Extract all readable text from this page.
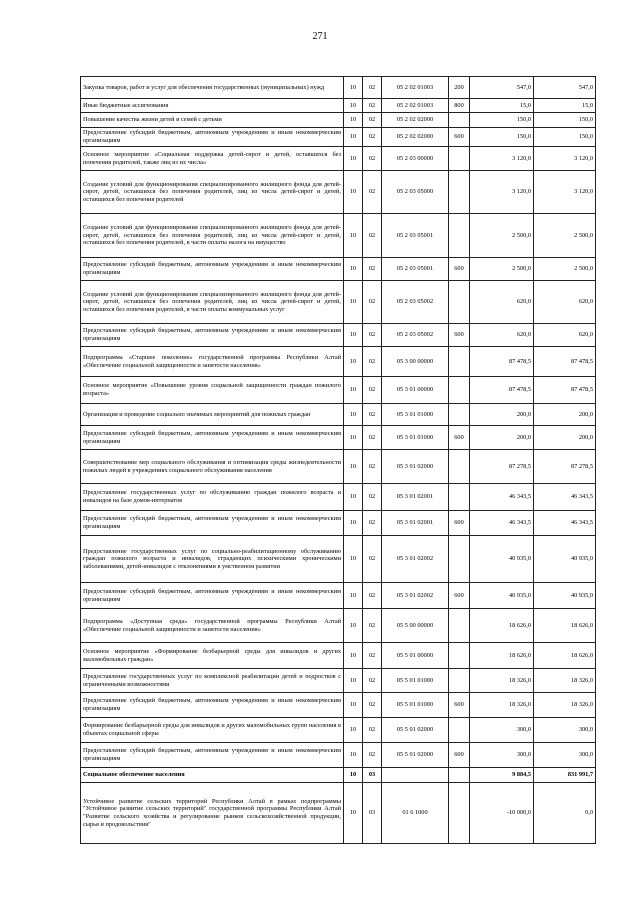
271
Закупка товаров, работ и услуг для обеспечения государственных (муниципальных) нужд	10	02	05 2 02 01003	200	547,0	547,0
Иные бюджетные ассигнования	10	02	05 2 02 01003	800	15,0	15,0
Повышение качества жизни детей и семей с детьми	10	02	05 2 02 02000		150,0	150,0
Предоставление субсидий бюджетным, автономным учреждениям и иным некоммерческим организациям	10	02	05 2 02 02000	600	150,0	150,0
Основное мероприятие «Социальная поддержка детей-сирот и детей, оставшихся без попечения родителей, также лиц из их числа»	10	02	05 2 03 00000		3 120,0	3 120,0
Создание условий для функционирования специализированного жилищного фонда для детей-сирот, детей, оставшихся без попечения родителей, лиц из числа детей-сирот и детей, оставшихся без попечения родителей	10	02	05 2 03 05000		3 120,0	3 120,0
Создание условий для функционирования специализированного жилищного фонда для детей-сирот, детей, оставшихся без попечения родителей, лиц из числа детей-сирот и детей, оставшихся без попечения родителей, в части оплаты налога на имущество	10	02	05 2 03 05001		2 500,0	2 500,0
Предоставление субсидий бюджетным, автономным учреждениям и иным некоммерческим организациям	10	02	05 2 03 05001	600	2 500,0	2 500,0
Создание условий для функционирования специализированного жилищного фонда для детей-сирот, детей, оставшихся без попечения родителей, лиц из числа детей-сирот и детей, оставшихся без попечения родителей, в части оплаты коммунальных услуг	10	02	05 2 03 05002		620,0	620,0
Предоставление субсидий бюджетным, автономным учреждениям и иным некоммерческим организациям	10	02	05 2 03 05002	600	620,0	620,0
Подпрограмма «Старшее поколение» государственной программы Республики Алтай «Обеспечение социальной защищенности и занятости населения»	10	02	05 3 00 00000		87 478,5	87 478,5
Основное мероприятие «Повышение уровня социальной защищенности граждан пожилого возраста»	10	02	05 3 01 00000		87 478,5	87 478,5
Организация и проведение социально значимых мероприятий для пожилых граждан	10	02	05 3 01 01000		200,0	200,0
Предоставление субсидий бюджетным, автономным учреждениям и иным некоммерческим организациям	10	02	05 3 01 01000	600	200,0	200,0
Совершенствование мер социального обслуживания и оптимизация среды жизнедеятельности пожилых людей в учреждениях социального обслуживания населения	10	02	05 3 01 02000		87 278,5	87 278,5
Предоставление государственных услуг по обслуживанию граждан пожилого возраста и инвалидов на базе домов-интернатов	10	02	05 3 01 02001		46 343,5	46 343,5
Предоставление субсидий бюджетным, автономным учреждениям и иным некоммерческим организациям	10	02	05 3 01 02001	600	46 343,5	46 343,5
Предоставление государственных услуг по социально-реабилитационному обслуживанию граждан пожилого возраста и инвалидов, страдающих психическими хроническими заболеваниями, детей-инвалидов с отклонениями в умственном развитии	10	02	05 3 01 02002		40 935,0	40 935,0
Предоставление субсидий бюджетным, автономным учреждениям и иным некоммерческим организациям	10	02	05 3 01 02002	600	40 935,0	40 935,0
Подпрограмма «Доступная среда» государственной программы Республики Алтай «Обеспечение социальной защищенности и занятости населения»	10	02	05 5 00 00000		18 626,0	18 626,0
Основное мероприятие «Формирование безбарьерной среды для инвалидов и других маломобильных граждан»	10	02	05 5 01 00000		18 626,0	18 626,0
Предоставление государственных услуг по комплексной реабилитации детей и подростков с ограниченными возможностями	10	02	05 5 01 01000		18 326,0	18 326,0
Предоставление субсидий бюджетным, автономным учреждениям и иным некоммерческим организациям	10	02	05 5 01 01000	600	18 326,0	18 326,0
Формирование безбарьерной среды для инвалидов и других маломобильных групп населения в объектах социальной сферы	10	02	05 5 01 02000		300,0	300,0
Предоставление субсидий бюджетным, автономным учреждениям и иным некоммерческим организациям	10	02	05 5 01 02000	600	300,0	300,0
Социальное обеспечение населения	10	03			9 884,5	831 991,7
Устойчивое развитие сельских территорий Республики Алтай в рамках подпрограммы "Устойчивое развитие сельских территорий" государственной программы Республики Алтай "Развитие сельского хозяйства и регулирование рынков сельскохозяйственной продукции, сырья и продовольствия"	10	03	01 6 1000		-10 000,0	0,0
